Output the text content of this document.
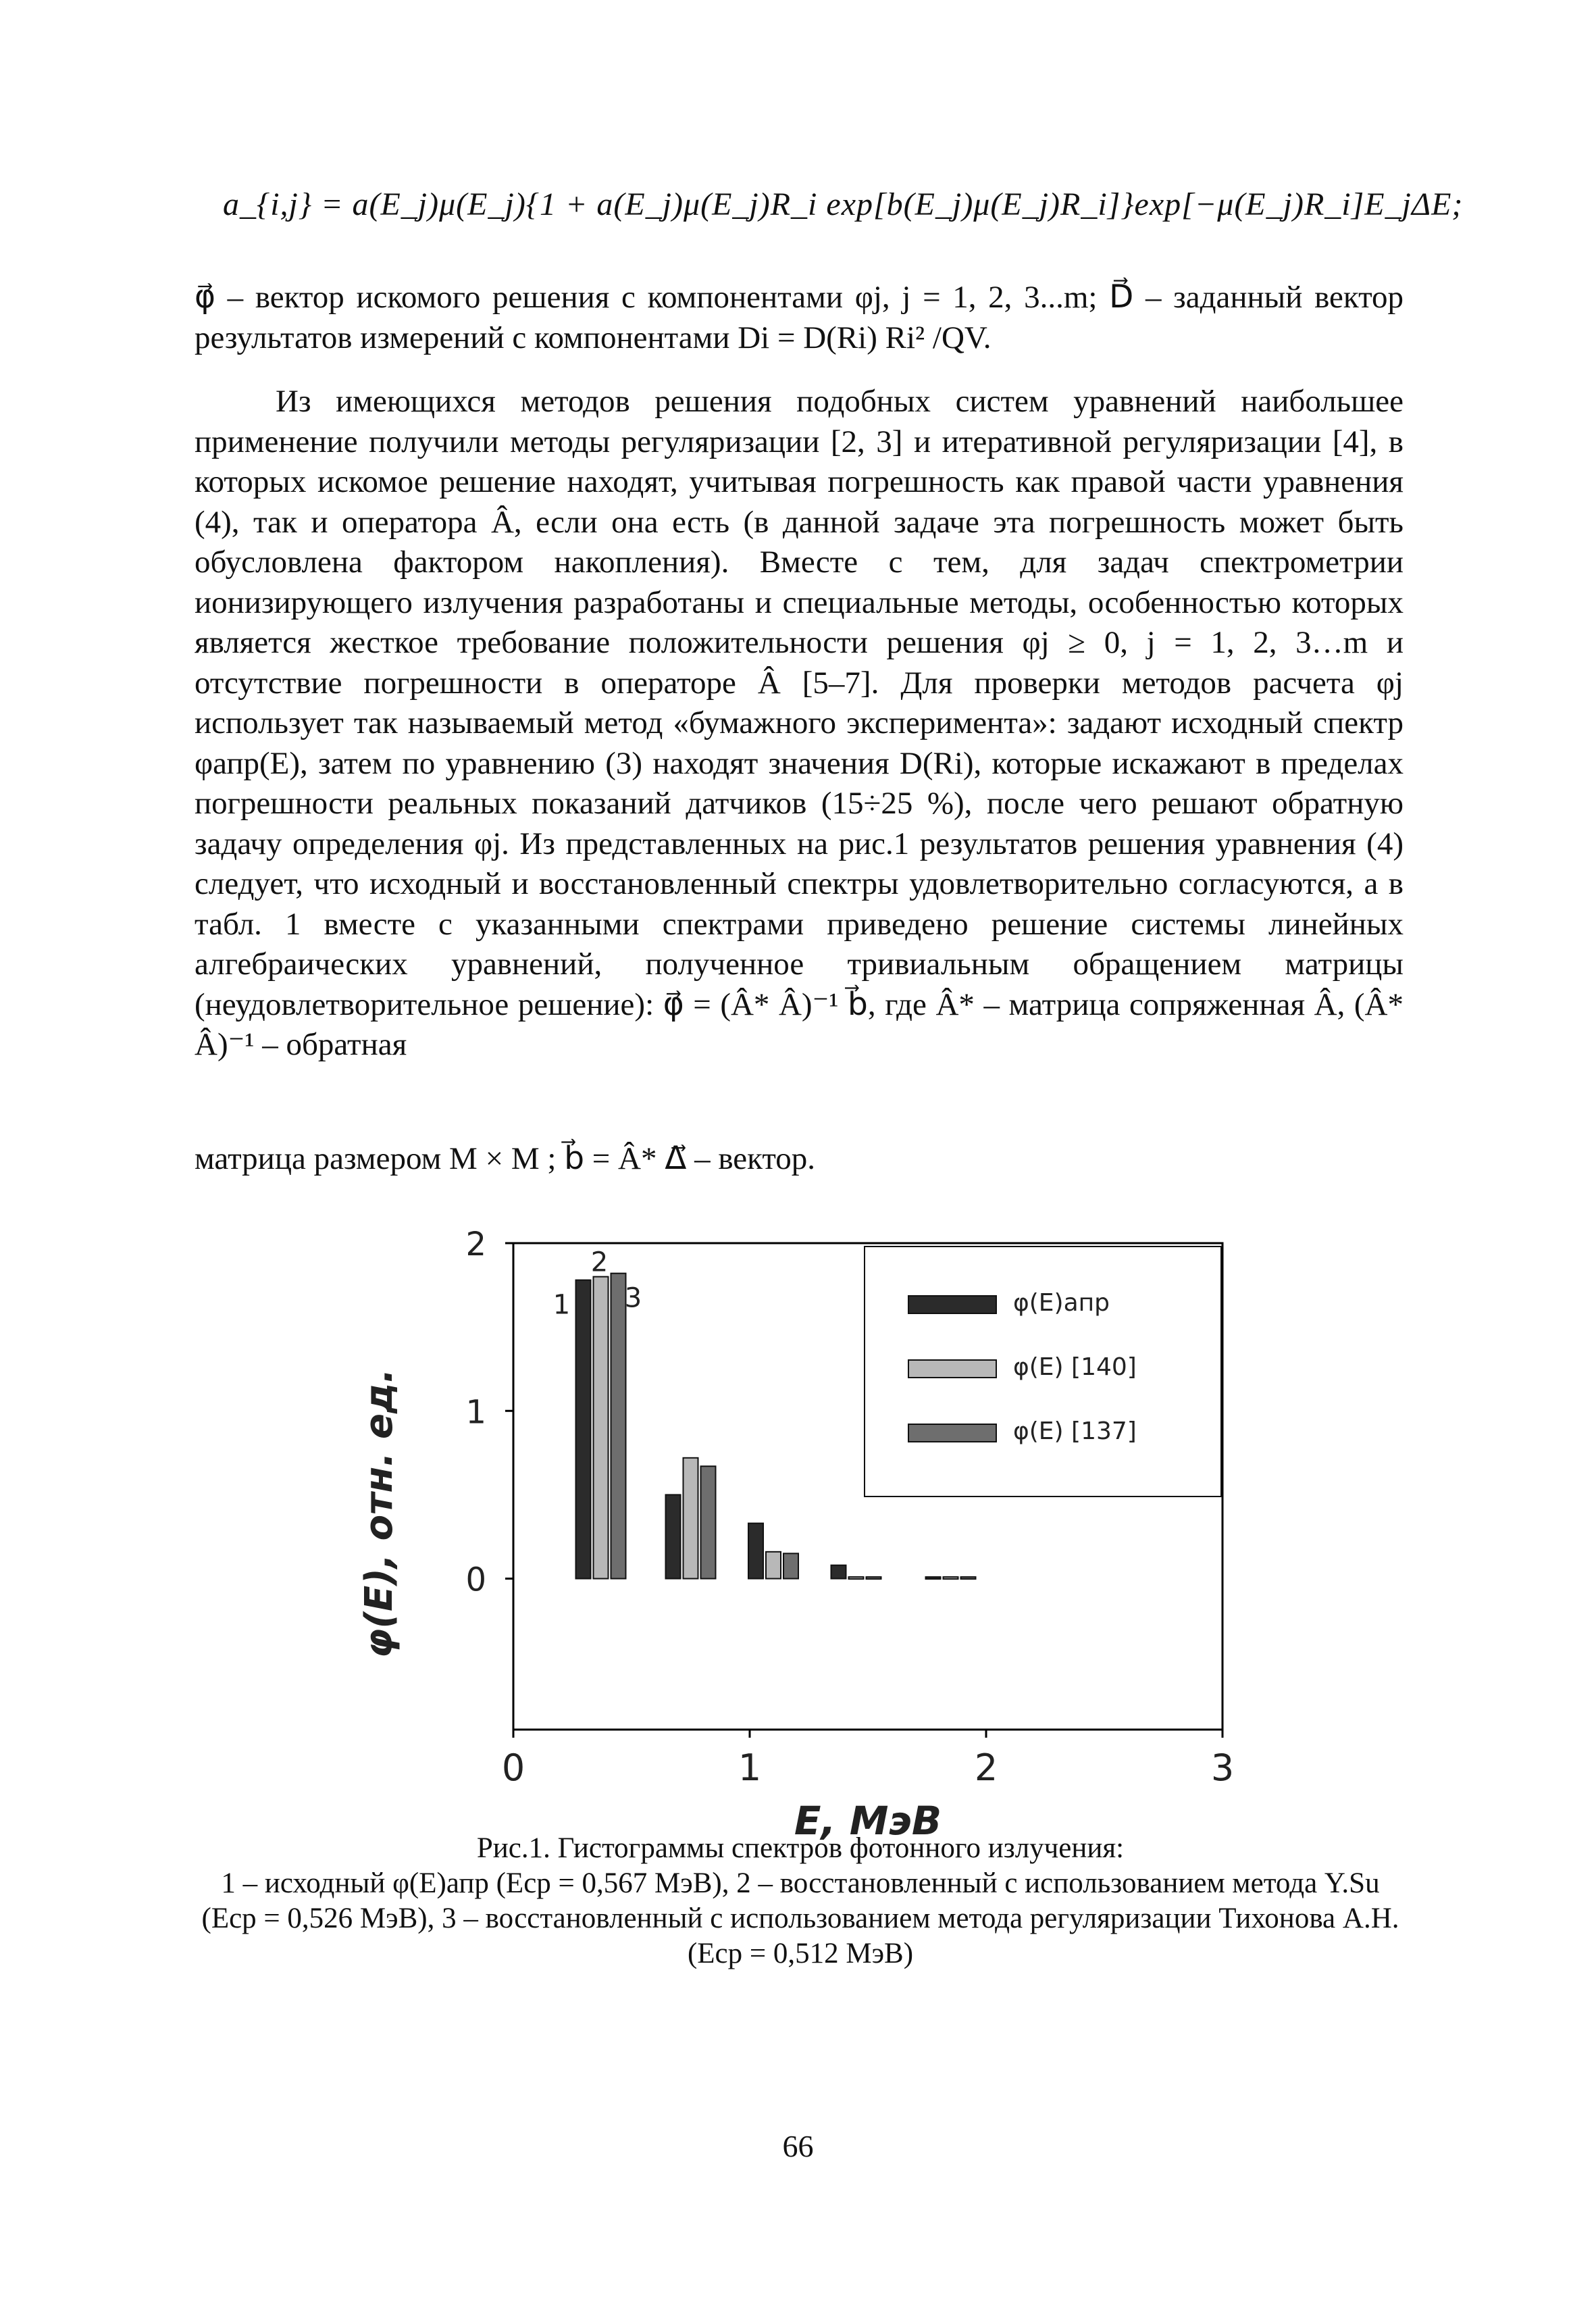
a_{i,j} = a(E_j)μ(E_j){1 + a(E_j)μ(E_j)R_i exp[b(E_j)μ(E_j)R_i]}exp[−μ(E_j)R_i]E_jΔE;

φ⃗ – вектор искомого решения с компонентами φj, j = 1, 2, 3...m; D⃗ – заданный вектор результатов измерений с компонентами Di = D(Ri) Ri² /QV.

Из имеющихся методов решения подобных систем уравнений наибольшее применение получили методы регуляризации [2, 3] и итеративной регуляризации [4], в которых искомое решение находят, учитывая погрешность как правой части уравнения (4), так и оператора Â, если она есть (в данной задаче эта погрешность может быть обусловлена фактором накопления). Вместе с тем, для задач спектрометрии ионизирующего излучения разработаны и специальные методы, особенностью которых является жесткое требование положительности решения φj ≥ 0, j = 1, 2, 3…m и отсутствие погрешности в операторе Â [5–7]. Для проверки методов расчета φj использует так называемый метод «бумажного эксперимента»: задают исходный спектр φапр(E), затем по уравнению (3) находят значения D(Ri), которые искажают в пределах погрешности реальных показаний датчиков (15÷25 %), после чего решают обратную задачу определения φj. Из представленных на рис.1 результатов решения уравнения (4) следует, что исходный и восстановленный спектры удовлетворительно согласуются, а в табл. 1 вместе с указанными спектрами приведено решение системы линейных алгебраических уравнений, полученное тривиальным обращением матрицы (неудовлетворительное решение): φ⃗ = (Â* Â)⁻¹ b⃗, где Â* – матрица сопряженная Â, (Â* Â)⁻¹ – обратная

матрица размером M × M ; b⃗ = Â* Δ⃗ – вектор.

0
1
2
0	1	2	3
E, МэВ
φ(E), отн. ед.
1
2
3	φ(E)апр
φ(E) [140]
φ(E) [137]
Рис.1. Гистограммы спектров фотонного излучения:
1 – исходный φ(E)апр (Eср = 0,567 МэВ), 2 – восстановленный с использованием метода Y.Su (Eср = 0,526 МэВ), 3 – восстановленный с использованием метода регуляризации Тихонова А.Н. (Eср = 0,512 МэВ)
66
